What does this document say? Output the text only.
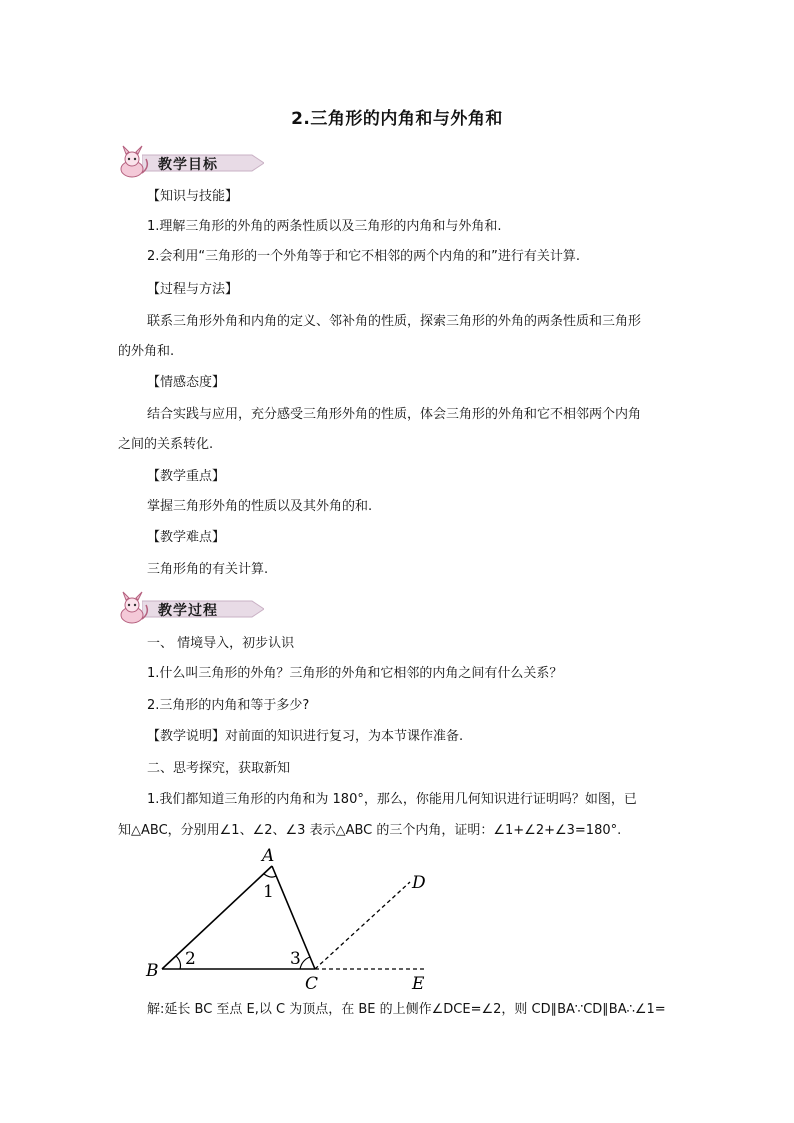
2.三角形的内角和与外角和
教学目标
【知识与技能】
1.理解三角形的外角的两条性质以及三角形的内角和与外角和.
2.会利用“三角形的一个外角等于和它不相邻的两个内角的和”进行有关计算.
【过程与方法】
联系三角形外角和内角的定义、邻补角的性质，探索三角形的外角的两条性质和三角形
的外角和.
【情感态度】
结合实践与应用，充分感受三角形外角的性质，体会三角形的外角和它不相邻两个内角
之间的关系转化.
【教学重点】
掌握三角形外角的性质以及其外角的和.
【教学难点】
三角形角的有关计算.
教学过程
一、 情境导入，初步认识
1.什么叫三角形的外角？三角形的外角和它相邻的内角之间有什么关系？
2.三角形的内角和等于多少?
【教学说明】对前面的知识进行复习，为本节课作准备.
二、思考探究，获取新知
1.我们都知道三角形的内角和为 180°，那么，你能用几何知识进行证明吗？如图，已
知△ABC，分别用∠1、∠2、∠3 表示△ABC 的三个内角，证明：∠1+∠2+∠3=180°.
A
B
C
D
E
1
2	3
解:延长 BC 至点 E,以 C 为顶点，在 BE 的上侧作∠DCE=∠2，则 CD∥BA∵CD∥BA∴∠1=
